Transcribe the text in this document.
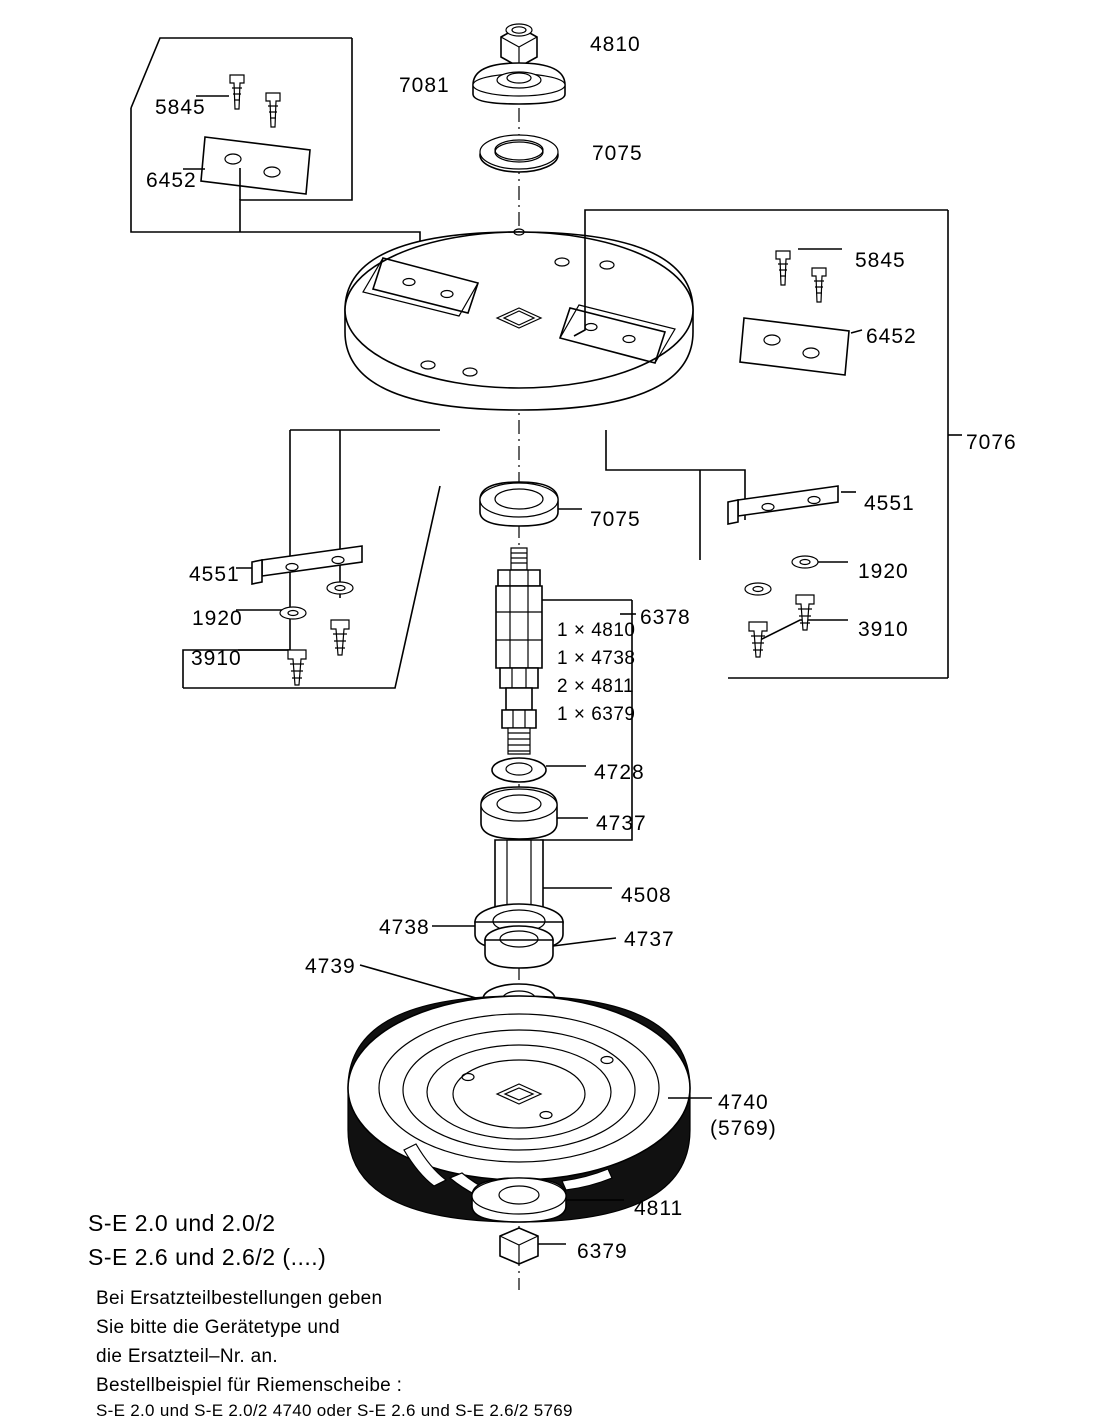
4810
7081
5845
7075
6452
5845
6452
7076
4551
7075
4551	1920
1920	6378
3910
3910
4728
4737
4508
4738
4737
4739
4740
(5769)
4811
6379
1 × 4810
1 × 4738
2 × 4811
1 × 6379
S-E 2.0 und 2.0/2
S-E 2.6 und 2.6/2 (....)
Bei Ersatzteilbestellungen geben
Sie bitte die Gerätetype und
die Ersatzteil–Nr. an.
Bestellbeispiel für Riemenscheibe :
S-E 2.0 und S-E 2.0/2 4740 oder S-E 2.6 und S-E 2.6/2 5769
